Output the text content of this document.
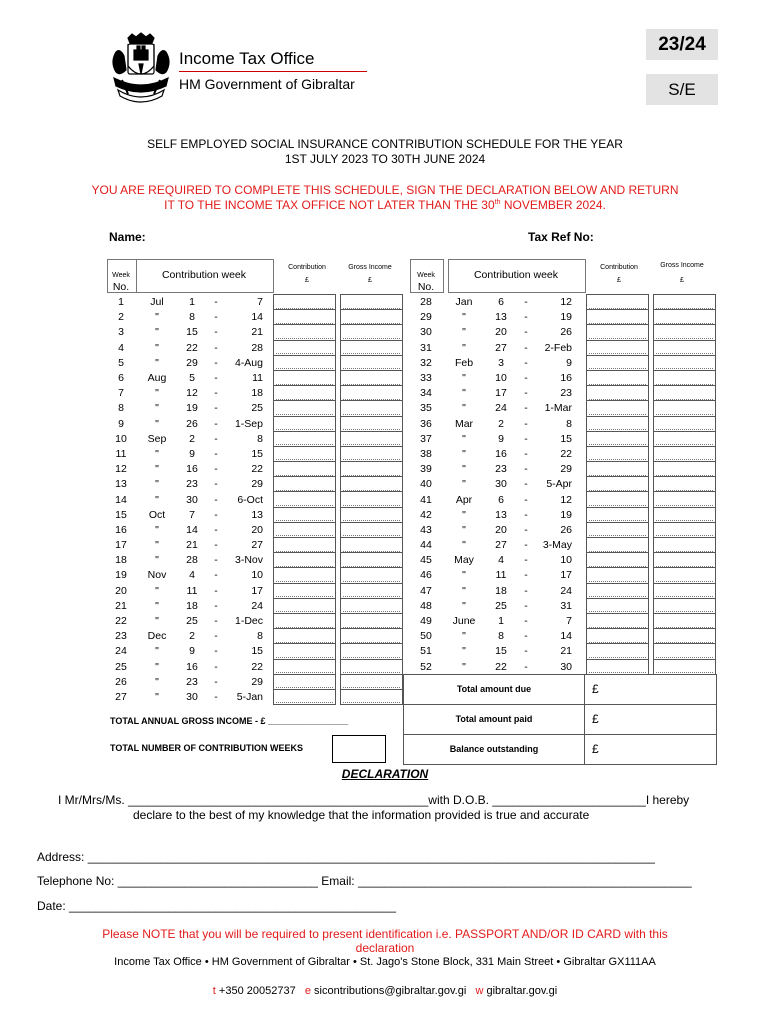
Income Tax Office
HM Government of Gibraltar
23/24
S/E
SELF EMPLOYED SOCIAL INSURANCE CONTRIBUTION SCHEDULE FOR THE YEAR
1ST JULY 2023 TO 30TH JUNE 2024
YOU ARE REQUIRED TO COMPLETE THIS SCHEDULE, SIGN THE DECLARATION BELOW AND RETURN
IT TO THE INCOME TAX OFFICE NOT LATER THAN THE 30th NOVEMBER 2024.
Name:	Tax Ref No:
Week
No.
Contribution week
Contribution
£
Gross Income
£
Week
No.
Contribution week
Contribution
£
Gross Income
£
1	Jul	1	-	7		

2	"	8	-	14		

3	"	15	-	21		

4	"	22	-	28		

5	"	29	-	4-Aug		

6	Aug	5	-	11		

7	"	12	-	18		

8	"	19	-	25		

9	"	26	-	1-Sep		

10	Sep	2	-	8		

11	"	9	-	15		

12	"	16	-	22		

13	"	23	-	29		

14	"	30	-	6-Oct		

15	Oct	7	-	13		

16	"	14	-	20		

17	"	21	-	27		

18	"	28	-	3-Nov		

19	Nov	4	-	10		

20	"	11	-	17		

21	"	18	-	24		

22	"	25	-	1-Dec		

23	Dec	2	-	8		

24	"	9	-	15		

25	"	16	-	22		

26	"	23	-	29		

27	"	30	-	5-Jan		

28	Jan	6	-	12		

29	"	13	-	19		

30	"	20	-	26		

31	"	27	-	2-Feb		

32	Feb	3	-	9		

33	"	10	-	16		

34	"	17	-	23		

35	"	24	-	1-Mar		

36	Mar	2	-	8		

37	"	9	-	15		

38	"	16	-	22		

39	"	23	-	29		

40	"	30	-	5-Apr		

41	Apr	6	-	12		

42	"	13	-	19		

43	"	20	-	26		

44	"	27	-	3-May		

45	May	4	-	10		

46	"	11	-	17		

47	"	18	-	24		

48	"	25	-	31		

49	June	1	-	7		

50	"	8	-	14		

51	"	15	-	21		

52	"	22	-	30		

TOTAL ANNUAL GROSS INCOME - £ ________________
TOTAL NUMBER OF CONTRIBUTION WEEKS
Total amount due	£
Total amount paid	£
Balance outstanding	£
DECLARATION
I Mr/Mrs/Ms. _____________________________________________with D.O.B. _______________________I hereby
declare to the best of my knowledge that the information provided is true and accurate
Address: _____________________________________________________________________________________
Telephone No: ______________________________ Email: __________________________________________________
Date: _________________________________________________
Please NOTE that you will be required to present identification i.e. PASSPORT AND/OR ID CARD with this
declaration
Income Tax Office • HM Government of Gibraltar • St. Jago's Stone Block, 331 Main Street • Gibraltar GX111AA
t +350 20052737 e sicontributions@gibraltar.gov.gi w gibraltar.gov.gi
